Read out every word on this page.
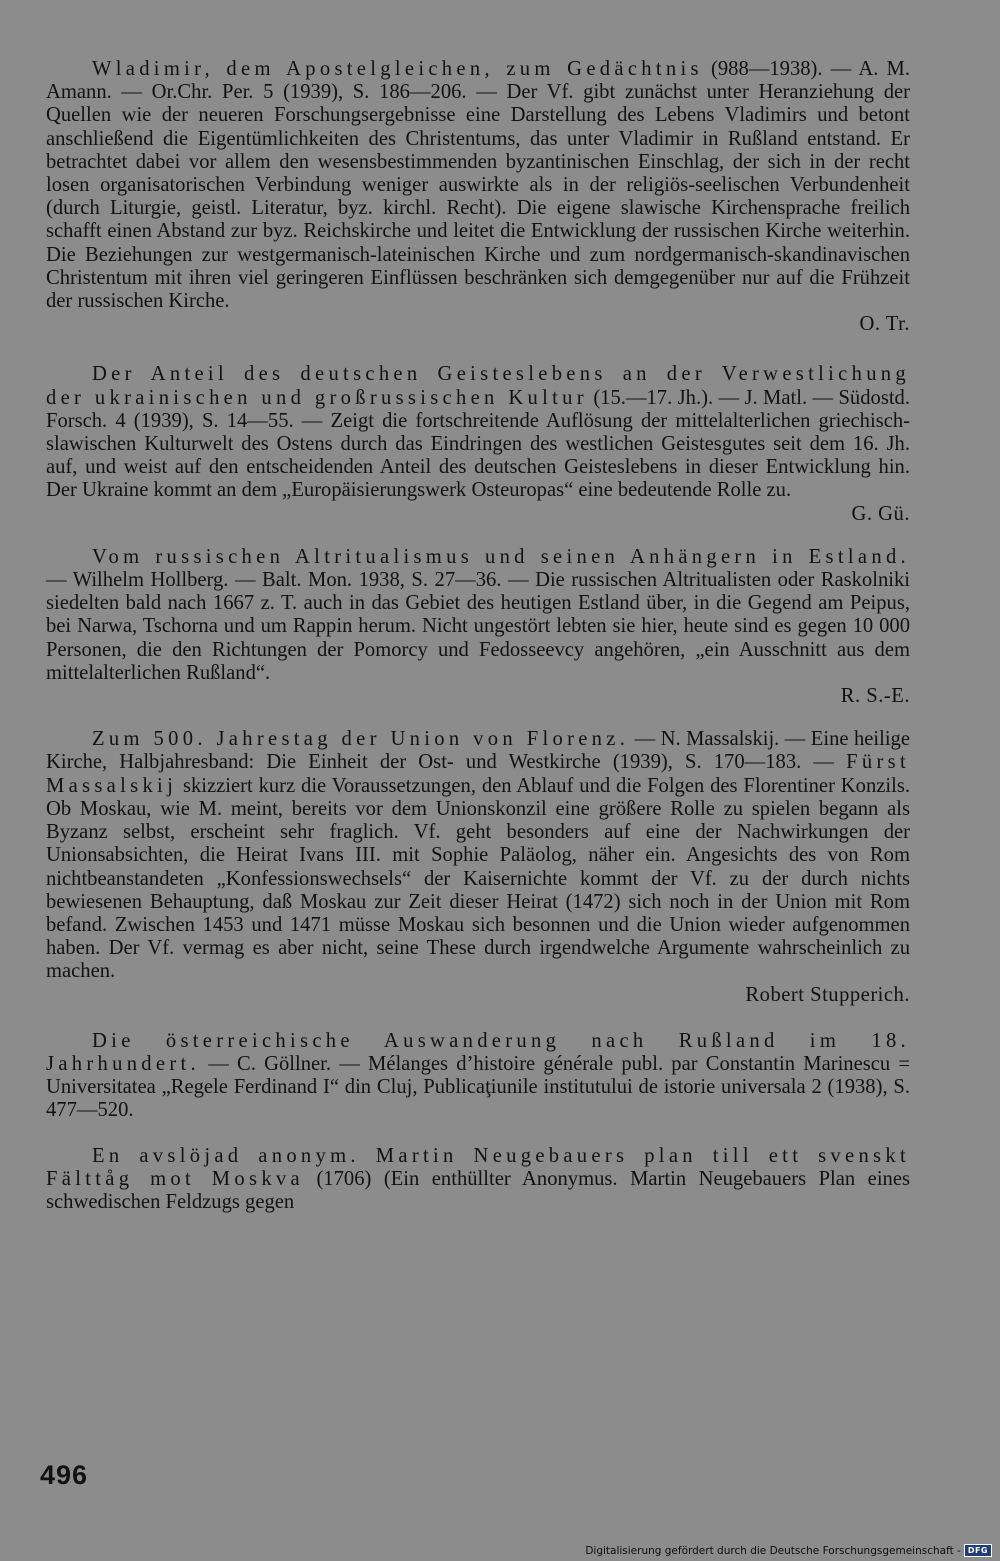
Wladimir, dem Apostelgleichen, zum Gedächtnis (988—1938). — A. M. Amann. — Or.Chr. Per. 5 (1939), S. 186—206. — Der Vf. gibt zunächst unter Heranziehung der Quellen wie der neueren Forschungsergebnisse eine Darstellung des Lebens Vladimirs und betont anschließend die Eigentümlichkeiten des Christentums, das unter Vladimir in Rußland entstand. Er betrachtet dabei vor allem den wesensbestimmenden byzantinischen Einschlag, der sich in der recht losen organisatorischen Verbindung weniger auswirkte als in der religiös-seelischen Verbundenheit (durch Liturgie, geistl. Literatur, byz. kirchl. Recht). Die eigene slawische Kirchensprache freilich schafft einen Abstand zur byz. Reichskirche und leitet die Entwicklung der russischen Kirche weiterhin. Die Beziehungen zur westgermanisch-lateinischen Kirche und zum nordgermanisch-skandinavischen Christentum mit ihren viel geringeren Einflüssen beschränken sich demgegenüber nur auf die Frühzeit der russischen Kirche.

O. Tr.

Der Anteil des deutschen Geisteslebens an der Verwestlichung der ukrainischen und großrussischen Kultur (15.—17. Jh.). — J. Matl. — Südostd. Forsch. 4 (1939), S. 14—55. — Zeigt die fortschreitende Auflösung der mittelalterlichen griechisch-slawischen Kulturwelt des Ostens durch das Eindringen des westlichen Geistesgutes seit dem 16. Jh. auf, und weist auf den entscheidenden Anteil des deutschen Geisteslebens in dieser Entwicklung hin. Der Ukraine kommt an dem „Europäisierungswerk Osteuropas“ eine bedeutende Rolle zu.

G. Gü.

Vom russischen Altritualismus und seinen Anhängern in Estland. — Wilhelm Hollberg. — Balt. Mon. 1938, S. 27—36. — Die russischen Altritualisten oder Raskolniki siedelten bald nach 1667 z. T. auch in das Gebiet des heutigen Estland über, in die Gegend am Peipus, bei Narwa, Tschorna und um Rappin herum. Nicht ungestört lebten sie hier, heute sind es gegen 10 000 Personen, die den Richtungen der Pomorcy und Fedosseevcy angehören, „ein Ausschnitt aus dem mittelalterlichen Rußland“.

R. S.-E.

Zum 500. Jahrestag der Union von Florenz. — N. Massalskij. — Eine heilige Kirche, Halbjahresband: Die Einheit der Ost- und Westkirche (1939), S. 170—183. — Fürst Massalskij skizziert kurz die Voraussetzungen, den Ablauf und die Folgen des Florentiner Konzils. Ob Moskau, wie M. meint, bereits vor dem Unionskonzil eine größere Rolle zu spielen begann als Byzanz selbst, erscheint sehr fraglich. Vf. geht besonders auf eine der Nachwirkungen der Unionsabsichten, die Heirat Ivans III. mit Sophie Paläolog, näher ein. Angesichts des von Rom nichtbeanstandeten „Konfessionswechsels“ der Kaisernichte kommt der Vf. zu der durch nichts bewiesenen Behauptung, daß Moskau zur Zeit dieser Heirat (1472) sich noch in der Union mit Rom befand. Zwischen 1453 und 1471 müsse Moskau sich besonnen und die Union wieder aufgenommen haben. Der Vf. vermag es aber nicht, seine These durch irgendwelche Argumente wahrscheinlich zu machen.

Robert Stupperich.

Die österreichische Auswanderung nach Rußland im 18. Jahrhundert. — C. Göllner. — Mélanges d’histoire générale publ. par Constantin Marinescu = Universitatea „Regele Ferdinand I“ din Cluj, Publicaţiunile institutului de istorie universala 2 (1938), S. 477—520.

En avslöjad anonym. Martin Neugebauers plan till ett svenskt Fälttåg mot Moskva (1706) (Ein enthüllter Anonymus. Martin Neugebauers Plan eines schwedischen Feldzugs gegen

496
Digitalisierung gefördert durch die Deutsche Forschungsgemeinschaft - DFG
